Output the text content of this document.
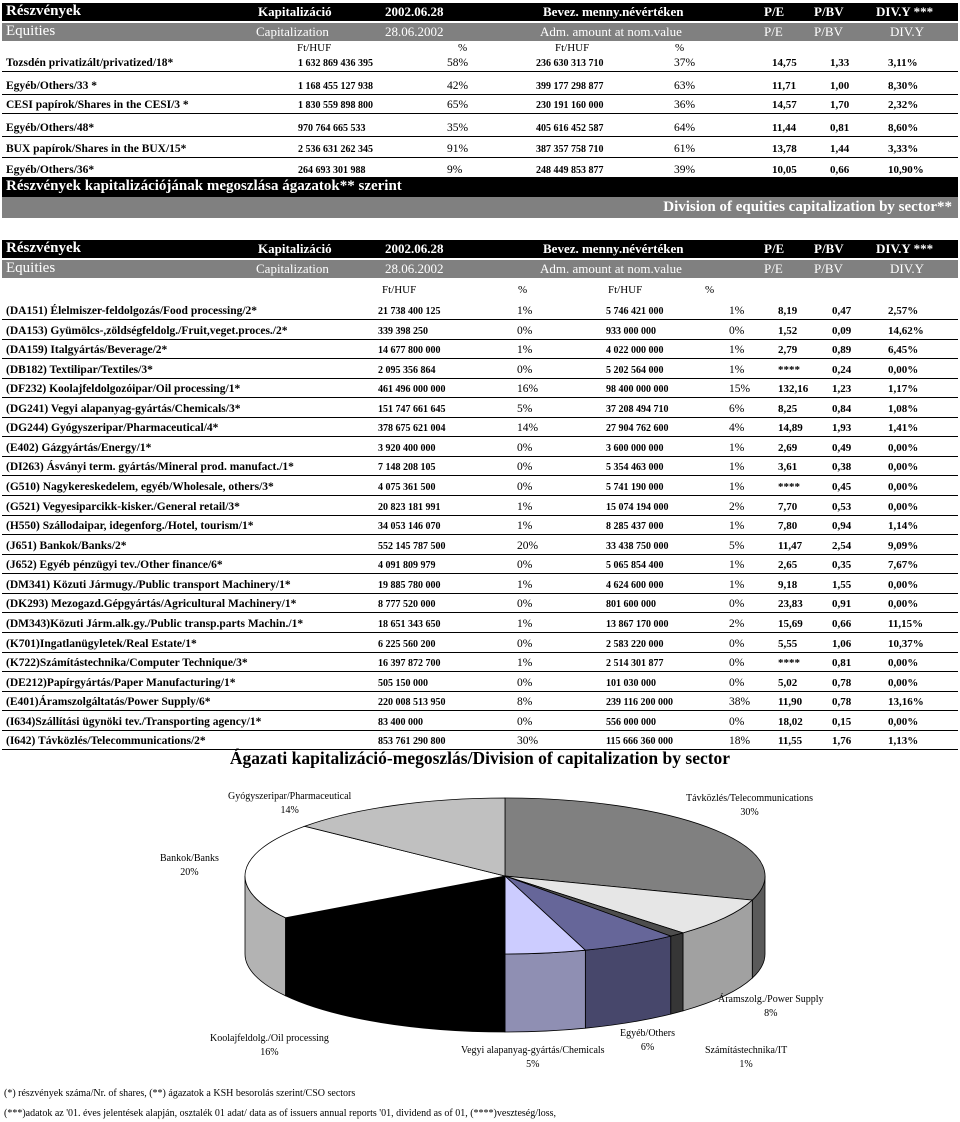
Részvények	Kapitalizáció	2002.06.28	Bevez. menny.névértéken	P/E P/BV DIV.Y ***
Equities	Capitalization	28.06.2002	Adm. amount at nom.value	P/E P/BV	DIV.Y
Ft/HUF	%	Ft/HUF	%
Tozsdén privatizált/privatized/18*	1 632 869 436 395	58%	236 630 313 710	37%	14,75	1,33	3,11%
Egyéb/Others/33 *	1 168 455 127 938	42%	399 177 298 877	63%	11,71	1,00	8,30%
CESI papírok/Shares in the CESI/3 *	1 830 559 898 800	65%	230 191 160 000	36%	14,57	1,70	2,32%
Egyéb/Others/48*	970 764 665 533	35%	405 616 452 587	64%	11,44	0,81	8,60%
BUX papírok/Shares in the BUX/15*	2 536 631 262 345	91%	387 357 758 710	61%	13,78	1,44	3,33%
Egyéb/Others/36*	264 693 301 988	9%	248 449 853 877	39%	10,05	0,66	10,90%
Részvények kapitalizációjának megoszlása ágazatok** szerint
Division of equities capitalization by sector**
Részvények	Kapitalizáció	2002.06.28	Bevez. menny.névértéken	P/E P/BV DIV.Y ***
Equities	Capitalization	28.06.2002	Adm. amount at nom.value	P/E P/BV	DIV.Y
Ft/HUF	%	Ft/HUF	%
(DA151) Élelmiszer-feldolgozás/Food processing/2*	21 738 400 125	1%	5 746 421 000	1%	8,19	0,47	2,57%
(DA153) Gyümölcs-,zöldségfeldolg./Fruit,veget.proces./2*	339 398 250	0%	933 000 000	0%	1,52	0,09	14,62%
(DA159) Italgyártás/Beverage/2*	14 677 800 000	1%	4 022 000 000	1%	2,79	0,89	6,45%
(DB182) Textilipar/Textiles/3*	2 095 356 864	0%	5 202 564 000	1%	****	0,24	0,00%
(DF232) Koolajfeldolgozóipar/Oil processing/1*	461 496 000 000	16%	98 400 000 000	15%	132,16 1,23	1,17%
(DG241) Vegyi alapanyag-gyártás/Chemicals/3*	151 747 661 645	5%	37 208 494 710	6%	8,25	0,84	1,08%
(DG244) Gyógyszeripar/Pharmaceutical/4*	378 675 621 004	14%	27 904 762 600	4%	14,89	1,93	1,41%
(E402) Gázgyártás/Energy/1*	3 920 400 000	0%	3 600 000 000	1%	2,69	0,49	0,00%
(DI263) Ásványi term. gyártás/Mineral prod. manufact./1*	7 148 208 105	0%	5 354 463 000	1%	3,61	0,38	0,00%
(G510) Nagykereskedelem, egyéb/Wholesale, others/3*	4 075 361 500	0%	5 741 190 000	1%	****	0,45	0,00%
(G521) Vegyesiparcikk-kisker./General retail/3*	20 823 181 991	1%	15 074 194 000	2%	7,70	0,53	0,00%
(H550) Szállodaipar, idegenforg./Hotel, tourism/1*	34 053 146 070	1%	8 285 437 000	1%	7,80	0,94	1,14%
(J651) Bankok/Banks/2*	552 145 787 500	20%	33 438 750 000	5%	11,47	2,54	9,09%
(J652) Egyéb pénzügyi tev./Other finance/6*	4 091 809 979	0%	5 065 854 400	1%	2,65	0,35	7,67%
(DM341) Közuti Jármugy./Public transport Machinery/1*	19 885 780 000	1%	4 624 600 000	1%	9,18	1,55	0,00%
(DK293) Mezogazd.Gépgyártás/Agricultural Machinery/1*	8 777 520 000	0%	801 600 000	0%	23,83	0,91	0,00%
(DM343)Közuti Járm.alk.gy./Public transp.parts Machin./1*	18 651 343 650	1%	13 867 170 000	2%	15,69	0,66	11,15%
(K701)Ingatlanügyletek/Real Estate/1*	6 225 560 200	0%	2 583 220 000	0%	5,55	1,06	10,37%
(K722)Számítástechnika/Computer Technique/3*	16 397 872 700	1%	2 514 301 877	0%	****	0,81	0,00%
(DE212)Papírgyártás/Paper Manufacturing/1*	505 150 000	0%	101 030 000	0%	5,02	0,78	0,00%
(E401)Áramszolgáltatás/Power Supply/6*	220 008 513 950	8%	239 116 200 000	38%	11,90	0,78	13,16%
(I634)Szállítási ügynöki tev./Transporting agency/1*	83 400 000	0%	556 000 000	0%	18,02	0,15	0,00%
(I642) Távközlés/Telecommunications/2*	853 761 290 800	30%	115 666 360 000	18%	11,55	1,76	1,13%
Ágazati kapitalizáció-megoszlás/Division of capitalization by sector
Gyógyszeripar/Pharmaceutical
14%
Távközlés/Telecommunications
30%
Bankok/Banks
20%
Áramszolg./Power Supply
8%
Koolajfeldolg./Oil processing
16%
Egyéb/Others
6%
Vegyi alapanyag-gyártás/Chemicals
5%
Számítástechnika/IT
1%
(*) részvények száma/Nr. of shares, (**) ágazatok a KSH besorolás szerint/CSO sectors
(***)adatok az '01. éves jelentések alapján, osztalék 01 adat/ data as of issuers annual reports '01, dividend as of 01, (****)veszteség/loss,
